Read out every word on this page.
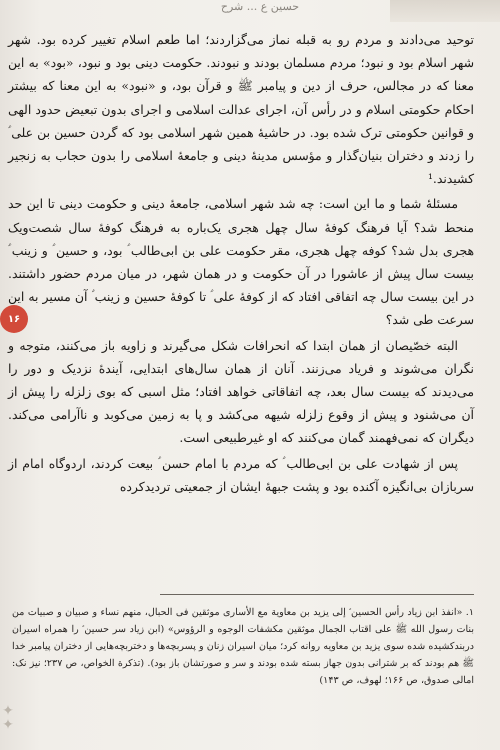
حسین ع ... شرح

توحید می‌دادند و مردم رو به قبله نماز می‌گزاردند؛ اما طعم اسلام تغییر کرده بود. شهر شهر اسلام بود و نبود؛ مردم مسلمان بودند و نبودند. حکومت دینی بود و نبود، «بود» به این معنا که در مجالس، حرف از دین و پیامبر ﷺ و قرآن بود، و «نبود» به این معنا که بیشتر احکام حکومتی اسلام و در رأس آن، اجرای عدالت اسلامی و اجرای بدون تبعیض حدود الهی و قوانین حکومتی ترک شده بود. در حاشیهٔ همین شهر اسلامی بود که گردن حسین بن علی ؑ را زدند و دختران بنیان‌گذار و مؤسس مدینهٔ دینی و جامعهٔ اسلامی را بدون حجاب به زنجیر کشیدند.¹

مسئلهٔ شما و ما این است: چه شد شهر اسلامی، جامعهٔ دینی و حکومت دینی تا این حد منحط شد؟ آیا فرهنگ کوفهٔ سال چهل هجری یک‌باره به فرهنگ کوفهٔ سال شصت‌ویک هجری بدل شد؟ کوفه چهل هجری، مقر حکومت علی بن ابی‌طالب ؑ بود، و حسین ؑ و زینب ؑ بیست سال پیش از عاشورا در آن حکومت و در همان شهر، در میان مردم حضور داشتند. در این بیست سال چه اتفاقی افتاد که از کوفهٔ علی ؑ تا کوفهٔ حسین و زینب ؑ آن مسیر به این سرعت طی شد؟

البته خصّیصان از همان ابتدا که انحرافات شکل می‌گیرند و زاویه باز می‌کنند، متوجه و نگران می‌شوند و فریاد می‌زنند. آنان از همان سال‌های ابتدایی، آیندهٔ نزدیک و دور را می‌دیدند که بیست سال بعد، چه اتفاقاتی خواهد افتاد؛ مثل اسبی که بوی زلزله را پیش از آن می‌شنود و پیش از وقوع زلزله شیهه می‌کشد و پا به زمین می‌کوبد و ناآرامی می‌کند. دیگران که نمی‌فهمند گمان می‌کنند که او غیرطبیعی است.

پس از شهادت علی بن ابی‌طالب ؑ که مردم با امام حسن ؑ بیعت کردند، اردوگاه امام از سربازان بی‌انگیزه آکنده بود و پشت جبههٔ ایشان از جمعیتی تردیدکرده

۱۶
۱. «انفذ ابن زیاد رأس الحسین ؑ إلی یزید بن معاویة مع الأساری موثقین فی الحبال، منهم نساء و صبیان و صبیات من بنات رسول الله ﷺ علی اقتاب الجمال موثقین مکشفات الوجوه و الرؤوس» (ابن زیاد سر حسین ؑ را همراه اسیران دربندکشیده شده سوی یزید بن معاویه روانه کرد؛ میان اسیران زنان و پسربچه‌ها و دختربچه‌هایی از دختران پیامبر خدا ﷺ هم بودند که بر شترانی بدون جهاز بسته شده بودند و سر و صورتشان باز بود). (تذکرة الخواص، ص ۲۳۷؛ نیز نک: امالی صدوق، ص ۱۶۶؛ لهوف، ص ۱۴۳)
✦
✦
